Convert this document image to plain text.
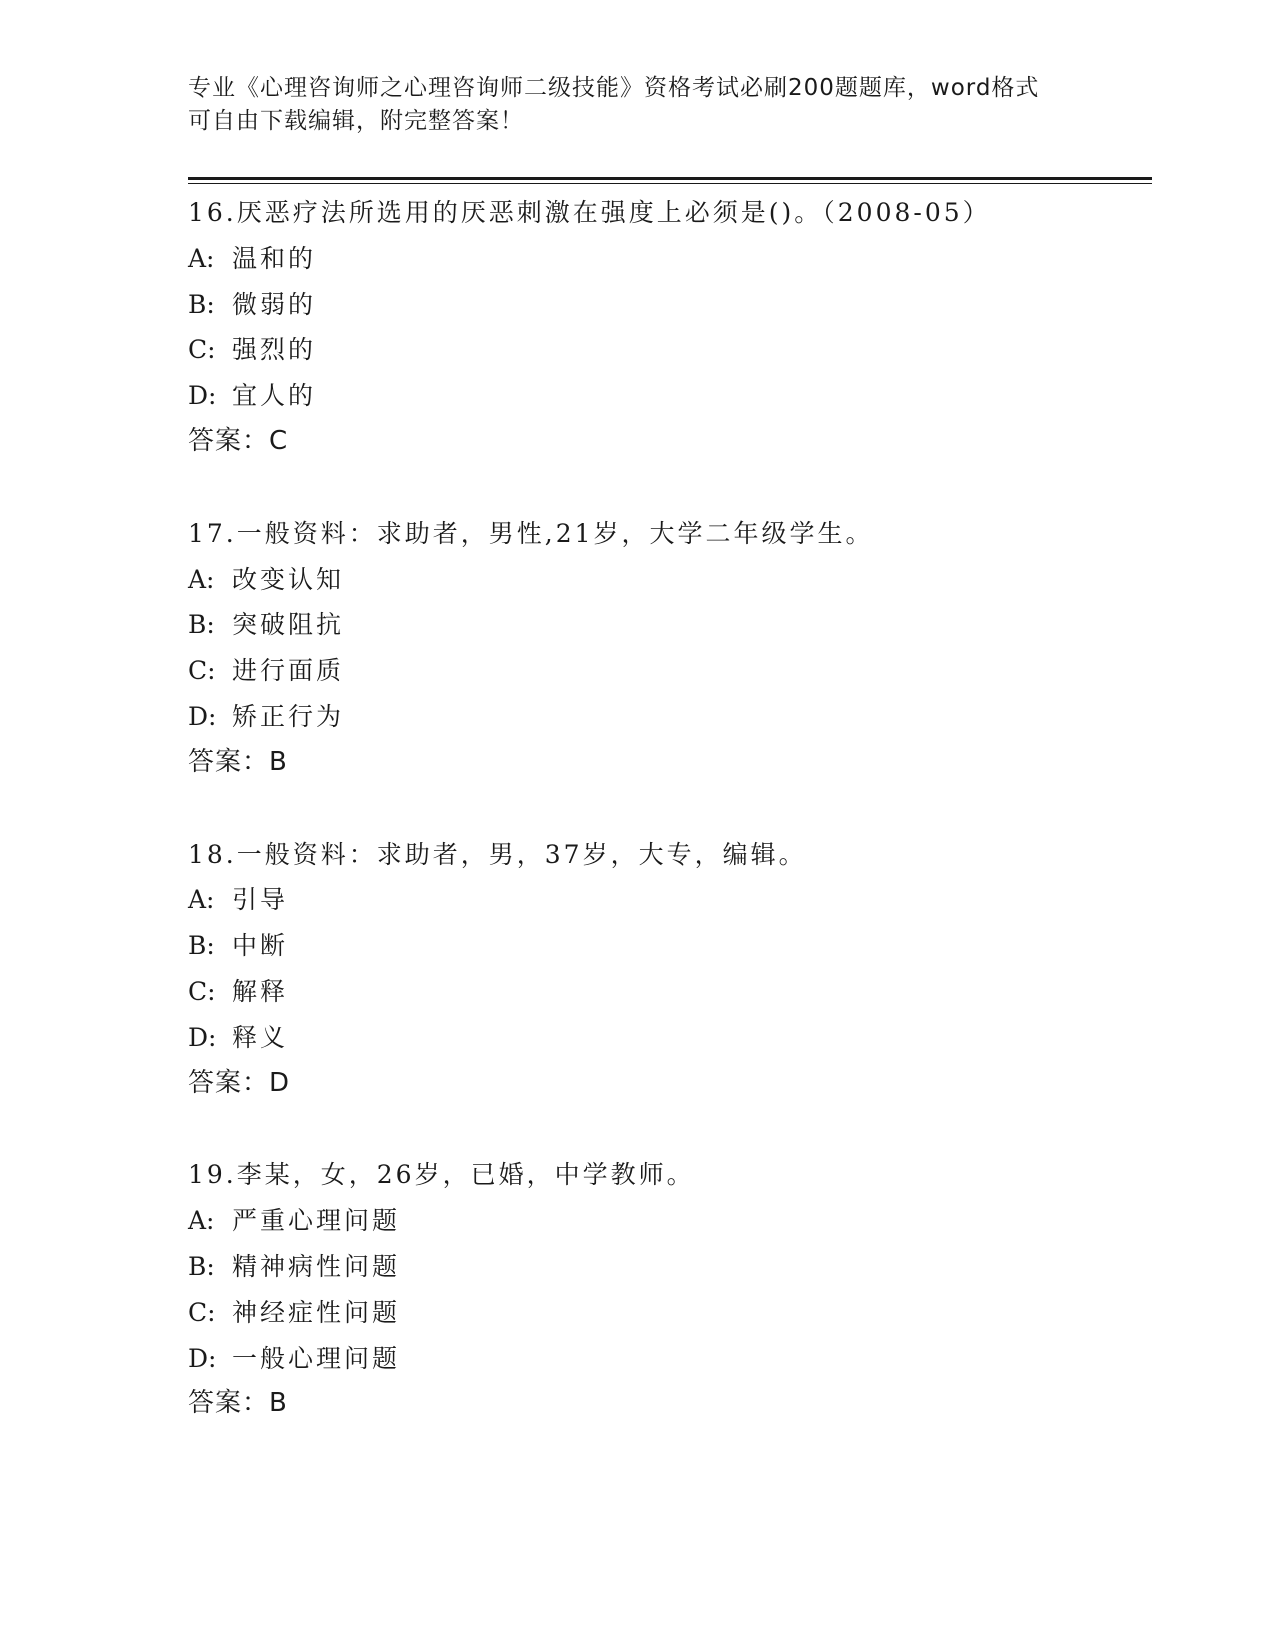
专业《心理咨询师之心理咨询师二级技能》资格考试必刷200题题库，word格式
可自由下载编辑，附完整答案！
16.厌恶疗法所选用的厌恶刺激在强度上必须是()。（2008-05）
A: 温和的
B: 微弱的
C: 强烈的
D: 宜人的
答案：C
17.一般资料：求助者，男性,21岁，大学二年级学生。
A: 改变认知
B: 突破阻抗
C: 进行面质
D: 矫正行为
答案：B
18.一般资料：求助者，男，37岁，大专，编辑。
A: 引导
B: 中断
C: 解释
D: 释义
答案：D
19.李某，女，26岁，已婚，中学教师。
A: 严重心理问题
B: 精神病性问题
C: 神经症性问题
D: 一般心理问题
答案：B
